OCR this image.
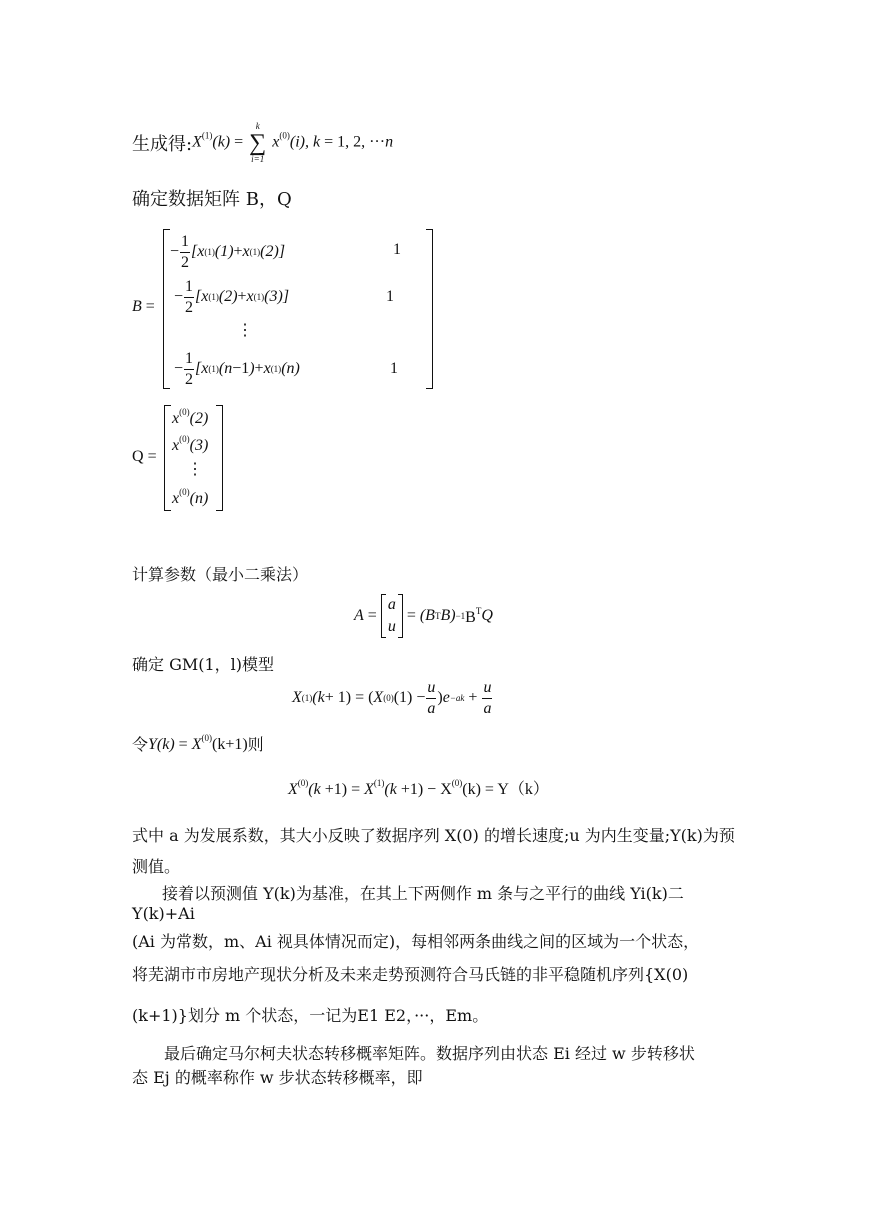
生成得: $X^{(1)}(k)$ =
k
∑
i=1
$x^{(0)}(i)$, k = 1, 2, ···n
确定数据矩阵 B，Q
B =
− $\frac{1}{2} [x$ (1) (1) + x (1) (2)]	1
− $\frac{1}{2} [x$ (1) (2) + x (1) (3)]	1
⋮
− $\frac{1}{2} [x$ (1) (n −1 ) + x (1) (n)	1
Q =
$x^{(0)}(2)$
$x^{(0)}(3)$
⋮
$x^{(0)}(n)$
计算参数（最小二乘法）
A =
a
u
= (B T B) −1 $B^T$ Q
确定 GM(1，l)模型
X (1) (k + 1) = ( X (0) $(1) - \frac{u}{a}$ ) $e -ak + \frac{u}{a}$
令 $Y(k) = X^{(0)}(k+1)$ 则
$X^{(0)}(k +1) = X^{(1)}(k +1) - X^{(0)}(k) = Y(k)$
式中 a 为发展系数，其大小反映了数据序列 X(0) 的增长速度;u 为内生变量;Y(k)为预测值。
接着以预测值 Y(k)为基准，在其上下两侧作 m 条与之平行的曲线 Yi(k)二
Y(k)+Ai
(Ai 为常数，m、Ai 视具体情况而定)，每相邻两条曲线之间的区域为一个状态，
将芜湖市市房地产现状分析及未来走势预测符合马氏链的非平稳随机序列{X(0)
(k+1)}划分 m 个状态，一记为E1 E2，···，Em。
最后确定马尔柯夫状态转移概率矩阵。数据序列由状态 Ei 经过 w 步转移状
态 Ej 的概率称作 w 步状态转移概率，即
